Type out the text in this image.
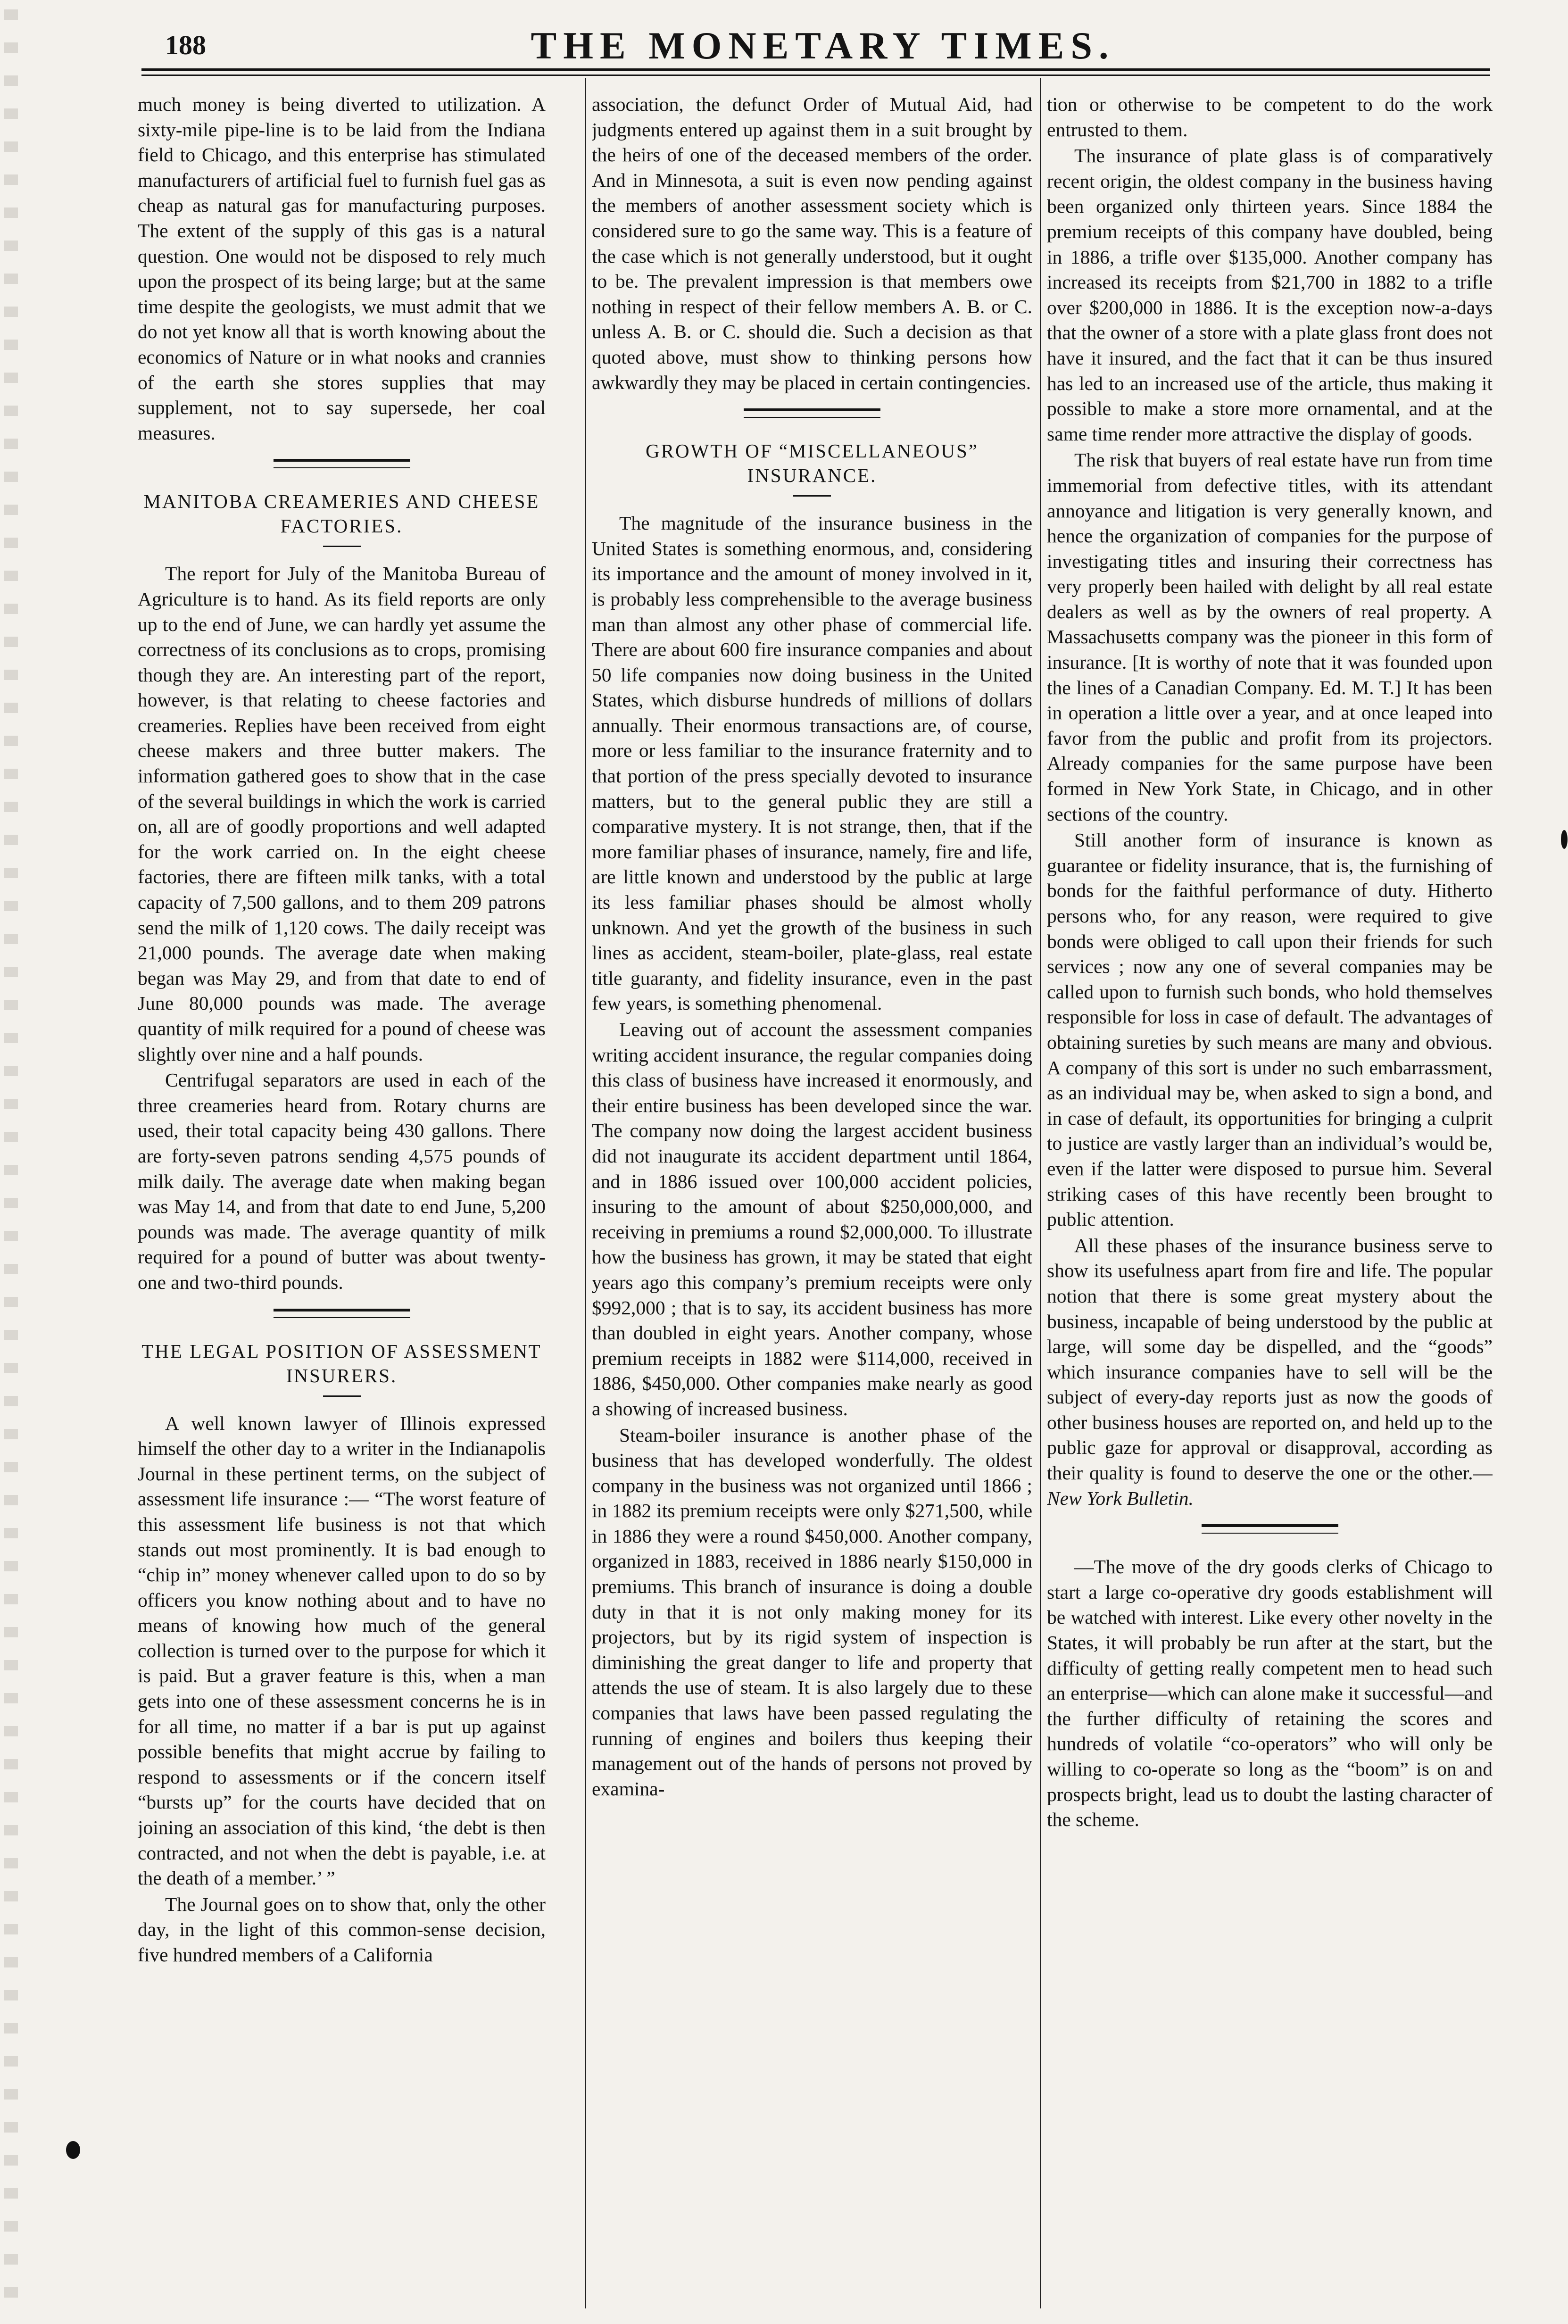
188	THE MONETARY TIMES.

much money is being diverted to utilization. A sixty-mile pipe-line is to be laid from the Indiana field to Chicago, and this enterprise has stimulated manufacturers of artificial fuel to furnish fuel gas as cheap as natural gas for manufacturing purposes. The extent of the supply of this gas is a natural question. One would not be disposed to rely much upon the prospect of its being large; but at the same time despite the geologists, we must admit that we do not yet know all that is worth knowing about the economics of Nature or in what nooks and crannies of the earth she stores supplies that may supplement, not to say supersede, her coal measures.

MANITOBA CREAMERIES AND CHEESE FACTORIES.

The report for July of the Manitoba Bureau of Agriculture is to hand. As its field reports are only up to the end of June, we can hardly yet assume the correctness of its conclusions as to crops, promising though they are. An interesting part of the report, however, is that relating to cheese factories and creameries. Replies have been received from eight cheese makers and three butter makers. The information gathered goes to show that in the case of the several buildings in which the work is carried on, all are of goodly proportions and well adapted for the work carried on. In the eight cheese factories, there are fifteen milk tanks, with a total capacity of 7,500 gallons, and to them 209 patrons send the milk of 1,120 cows. The daily receipt was 21,000 pounds. The average date when making began was May 29, and from that date to end of June 80,000 pounds was made. The average quantity of milk required for a pound of cheese was slightly over nine and a half pounds.

Centrifugal separators are used in each of the three creameries heard from. Rotary churns are used, their total capacity being 430 gallons. There are forty-seven patrons sending 4,575 pounds of milk daily. The average date when making began was May 14, and from that date to end June, 5,200 pounds was made. The average quantity of milk required for a pound of butter was about twenty-one and two-third pounds.

THE LEGAL POSITION OF ASSESSMENT INSURERS.

A well known lawyer of Illinois expressed himself the other day to a writer in the Indianapolis Journal in these pertinent terms, on the subject of assessment life insurance :— “The worst feature of this assessment life business is not that which stands out most prominently. It is bad enough to “chip in” money whenever called upon to do so by officers you know nothing about and to have no means of knowing how much of the general collection is turned over to the purpose for which it is paid. But a graver feature is this, when a man gets into one of these assessment concerns he is in for all time, no matter if a bar is put up against possible benefits that might accrue by failing to respond to assessments or if the concern itself “bursts up” for the courts have decided that on joining an association of this kind, ‘the debt is then contracted, and not when the debt is payable, i.e. at the death of a member.’ ”

The Journal goes on to show that, only the other day, in the light of this common-sense decision, five hundred members of a California

association, the defunct Order of Mutual Aid, had judgments entered up against them in a suit brought by the heirs of one of the deceased members of the order. And in Minnesota, a suit is even now pending against the members of another assessment society which is considered sure to go the same way. This is a feature of the case which is not generally understood, but it ought to be. The prevalent impression is that members owe nothing in respect of their fellow members A. B. or C. unless A. B. or C. should die. Such a decision as that quoted above, must show to thinking persons how awkwardly they may be placed in certain contingencies.

GROWTH OF “MISCELLANEOUS” INSURANCE.

The magnitude of the insurance business in the United States is something enormous, and, considering its importance and the amount of money involved in it, is probably less comprehensible to the average business man than almost any other phase of commercial life. There are about 600 fire insurance companies and about 50 life companies now doing business in the United States, which disburse hundreds of millions of dollars annually. Their enormous transactions are, of course, more or less familiar to the insurance fraternity and to that portion of the press specially devoted to insurance matters, but to the general public they are still a comparative mystery. It is not strange, then, that if the more familiar phases of insurance, namely, fire and life, are little known and understood by the public at large its less familiar phases should be almost wholly unknown. And yet the growth of the business in such lines as accident, steam-boiler, plate-glass, real estate title guaranty, and fidelity insurance, even in the past few years, is something phenomenal.

Leaving out of account the assessment companies writing accident insurance, the regular companies doing this class of business have increased it enormously, and their entire business has been developed since the war. The company now doing the largest accident business did not inaugurate its accident department until 1864, and in 1886 issued over 100,000 accident policies, insuring to the amount of about $250,000,000, and receiving in premiums a round $2,000,000. To illustrate how the business has grown, it may be stated that eight years ago this company’s premium receipts were only $992,000 ; that is to say, its accident business has more than doubled in eight years. Another company, whose premium receipts in 1882 were $114,000, received in 1886, $450,000. Other companies make nearly as good a showing of increased business.

Steam-boiler insurance is another phase of the business that has developed wonderfully. The oldest company in the business was not organized until 1866 ; in 1882 its premium receipts were only $271,500, while in 1886 they were a round $450,000. Another company, organized in 1883, received in 1886 nearly $150,000 in premiums. This branch of insurance is doing a double duty in that it is not only making money for its projectors, but by its rigid system of inspection is diminishing the great danger to life and property that attends the use of steam. It is also largely due to these companies that laws have been passed regulating the running of engines and boilers thus keeping their management out of the hands of persons not proved by examina-

tion or otherwise to be competent to do the work entrusted to them.

The insurance of plate glass is of comparatively recent origin, the oldest company in the business having been organized only thirteen years. Since 1884 the premium receipts of this company have doubled, being in 1886, a trifle over $135,000. Another company has increased its receipts from $21,700 in 1882 to a trifle over $200,000 in 1886. It is the exception now-a-days that the owner of a store with a plate glass front does not have it insured, and the fact that it can be thus insured has led to an increased use of the article, thus making it possible to make a store more ornamental, and at the same time render more attractive the display of goods.

The risk that buyers of real estate have run from time immemorial from defective titles, with its attendant annoyance and litigation is very generally known, and hence the organization of companies for the purpose of investigating titles and insuring their correctness has very properly been hailed with delight by all real estate dealers as well as by the owners of real property. A Massachusetts company was the pioneer in this form of insurance. [It is worthy of note that it was founded upon the lines of a Canadian Company. Ed. M. T.] It has been in operation a little over a year, and at once leaped into favor from the public and profit from its projectors. Already companies for the same purpose have been formed in New York State, in Chicago, and in other sections of the country.

Still another form of insurance is known as guarantee or fidelity insurance, that is, the furnishing of bonds for the faithful performance of duty. Hitherto persons who, for any reason, were required to give bonds were obliged to call upon their friends for such services ; now any one of several companies may be called upon to furnish such bonds, who hold themselves responsible for loss in case of default. The advantages of obtaining sureties by such means are many and obvious. A company of this sort is under no such embarrassment, as an individual may be, when asked to sign a bond, and in case of default, its opportunities for bringing a culprit to justice are vastly larger than an individual’s would be, even if the latter were disposed to pursue him. Several striking cases of this have recently been brought to public attention.

All these phases of the insurance business serve to show its usefulness apart from fire and life. The popular notion that there is some great mystery about the business, incapable of being understood by the public at large, will some day be dispelled, and the “goods” which insurance companies have to sell will be the subject of every-day reports just as now the goods of other business houses are reported on, and held up to the public gaze for approval or disapproval, according as their quality is found to deserve the one or the other.—New York Bulletin.

—The move of the dry goods clerks of Chicago to start a large co-operative dry goods establishment will be watched with interest. Like every other novelty in the States, it will probably be run after at the start, but the difficulty of getting really competent men to head such an enterprise—which can alone make it successful—and the further difficulty of retaining the scores and hundreds of volatile “co-operators” who will only be willing to co-operate so long as the “boom” is on and prospects bright, lead us to doubt the lasting character of the scheme.
